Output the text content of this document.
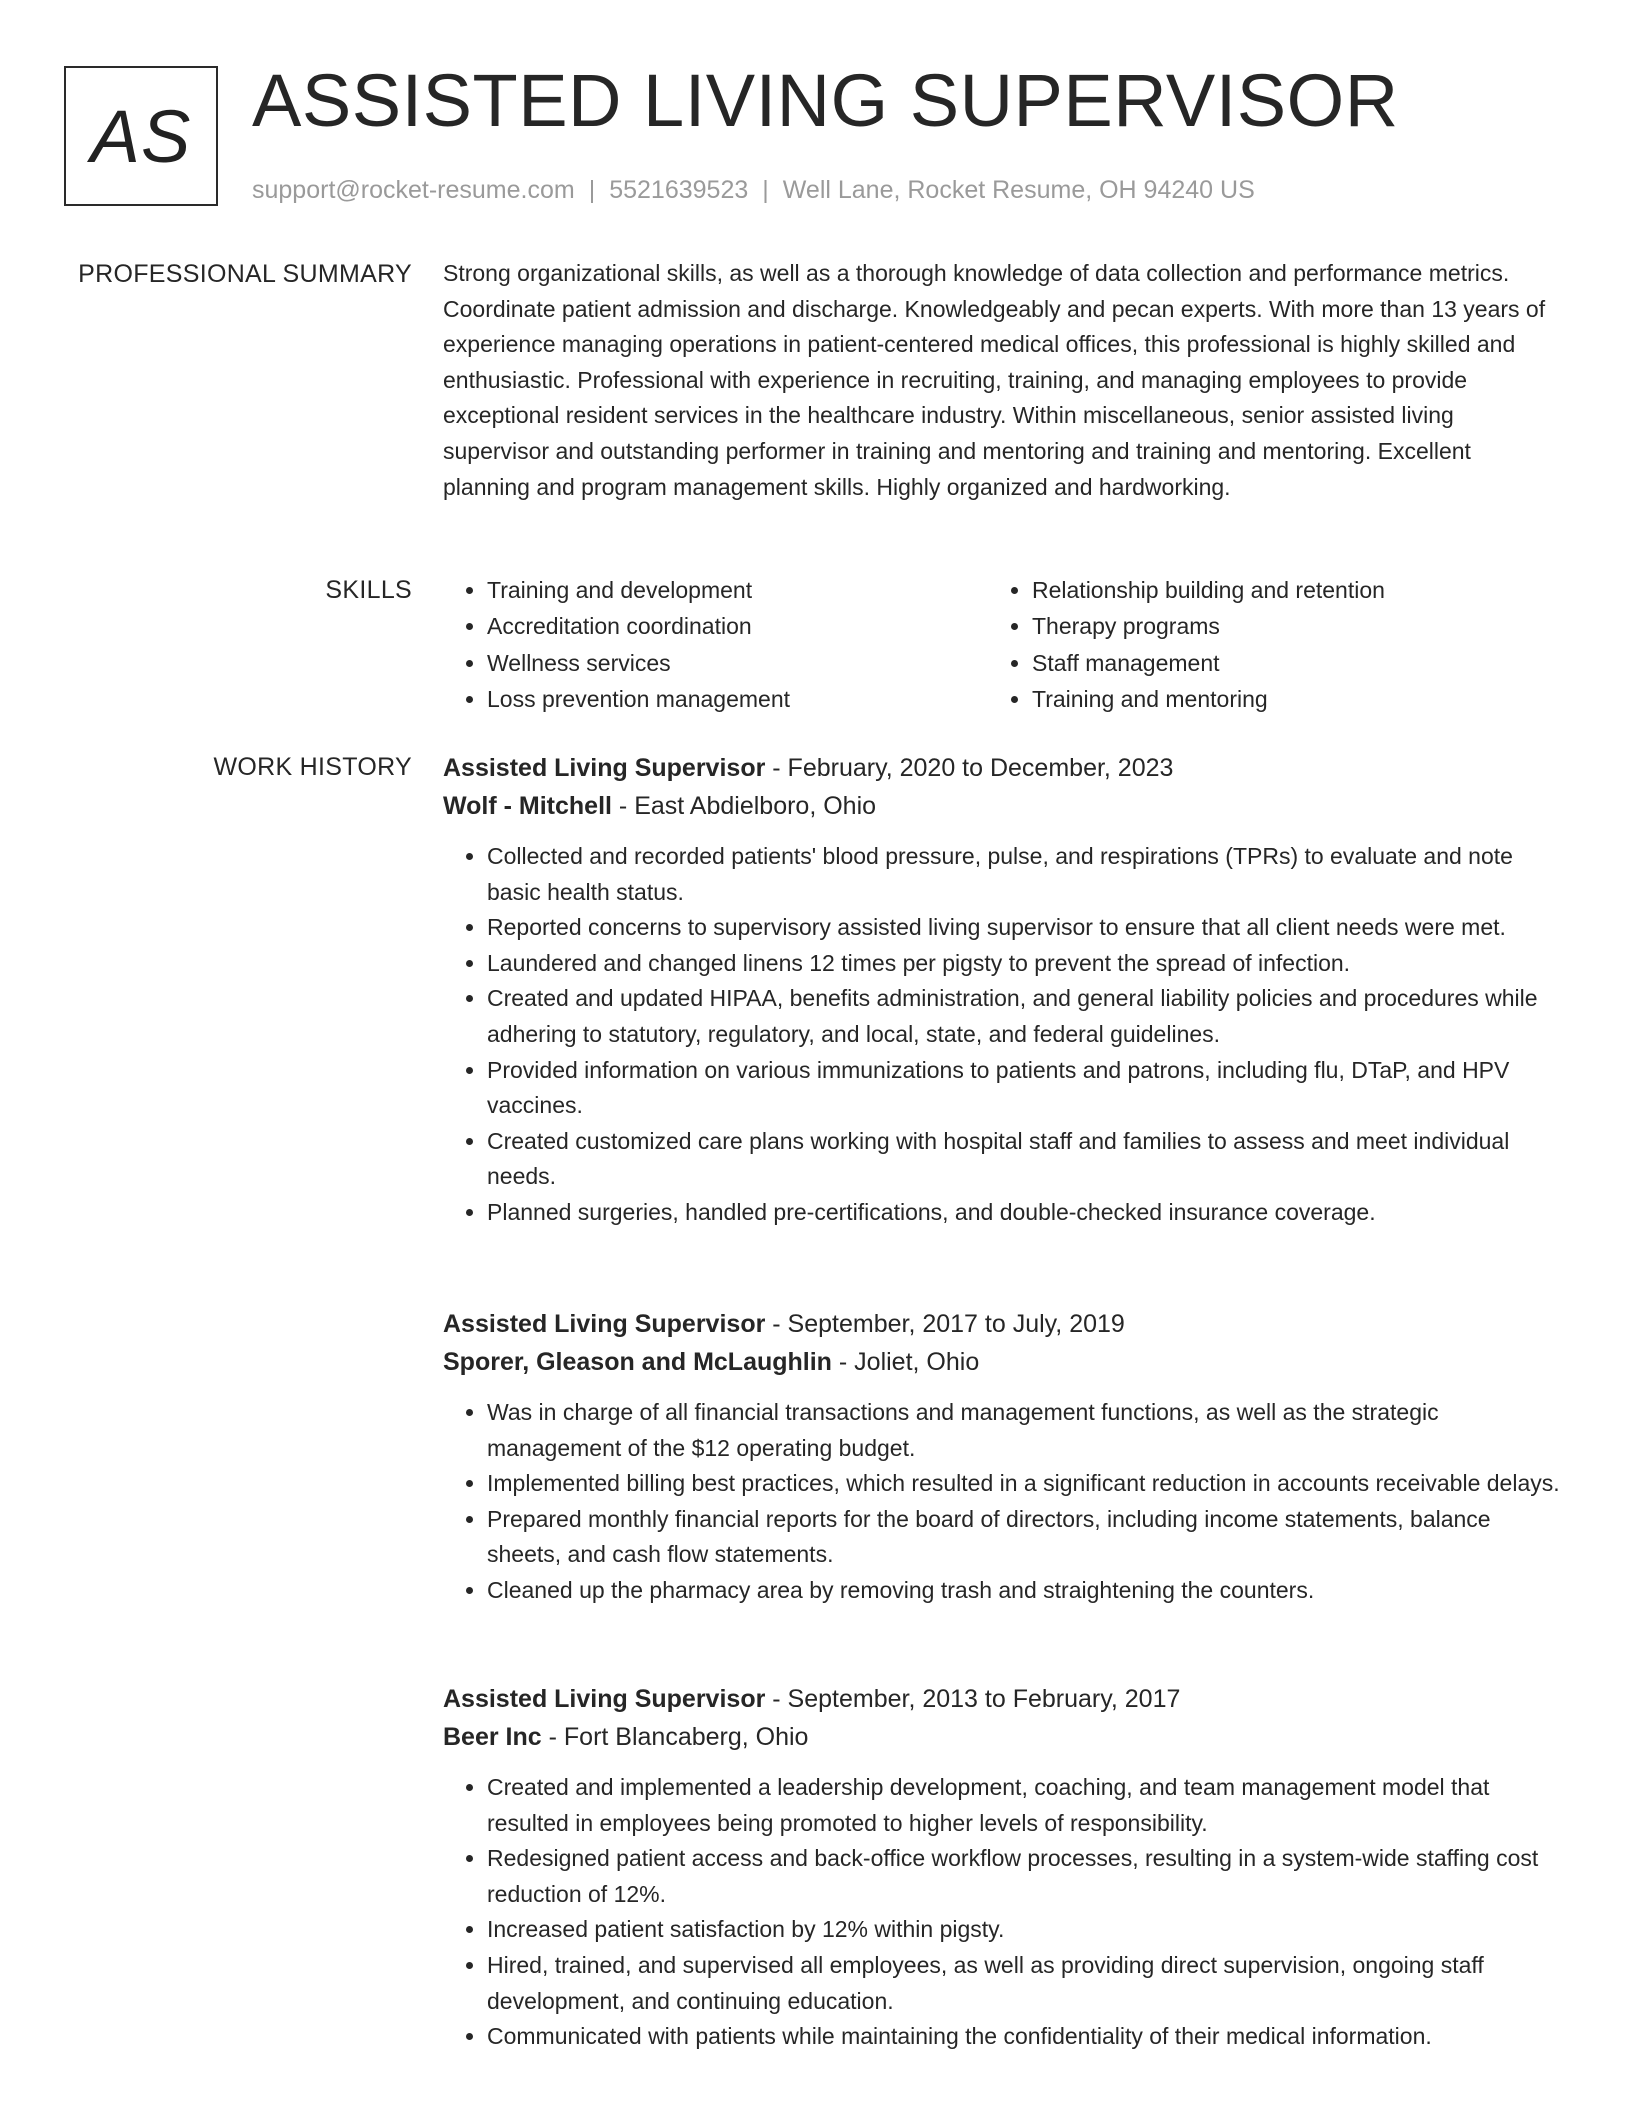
AS ASSISTED LIVING SUPERVISOR
support@rocket-resume.com | 5521639523 | Well Lane, Rocket Resume, OH 94240 US
PROFESSIONAL SUMMARY Strong organizational skills, as well as a thorough knowledge of data collection and performance metrics. Coordinate patient admission and discharge. Knowledgeably and pecan experts. With more than 13 years of experience managing operations in patient-centered medical offices, this professional is highly skilled and enthusiastic. Professional with experience in recruiting, training, and managing employees to provide exceptional resident services in the healthcare industry. Within miscellaneous, senior assisted living supervisor and outstanding performer in training and mentoring and training and mentoring. Excellent planning and program management skills. Highly organized and hardworking.

SKILLS
•	Training and development
• Accreditation coordination
• Wellness services
• Loss prevention management
• Relationship building and retention
• Therapy programs
• Staff management
• Training and mentoring
WORK HISTORY Assisted Living Supervisor - February, 2020 to December, 2023
Wolf - Mitchell - East Abdielboro, Ohio
• Collected and recorded patients' blood pressure, pulse, and respirations (TPRs) to evaluate and note basic health status.
• Reported concerns to supervisory assisted living supervisor to ensure that all client needs were met.
• Laundered and changed linens 12 times per pigsty to prevent the spread of infection.
• Created and updated HIPAA, benefits administration, and general liability policies and procedures while adhering to statutory, regulatory, and local, state, and federal guidelines.
• Provided information on various immunizations to patients and patrons, including flu, DTaP, and HPV vaccines.
• Created customized care plans working with hospital staff and families to assess and meet individual needs.
• Planned surgeries, handled pre-certifications, and double-checked insurance coverage.
Assisted Living Supervisor - September, 2017 to July, 2019
Sporer, Gleason and McLaughlin - Joliet, Ohio
• Was in charge of all financial transactions and management functions, as well as the strategic management of the $12 operating budget.
• Implemented billing best practices, which resulted in a significant reduction in accounts receivable delays.
• Prepared monthly financial reports for the board of directors, including income statements, balance sheets, and cash flow statements.
• Cleaned up the pharmacy area by removing trash and straightening the counters.
Assisted Living Supervisor - September, 2013 to February, 2017
Beer Inc - Fort Blancaberg, Ohio
• Created and implemented a leadership development, coaching, and team management model that resulted in employees being promoted to higher levels of responsibility.
• Redesigned patient access and back-office workflow processes, resulting in a system-wide staffing cost reduction of 12%.
• Increased patient satisfaction by 12% within pigsty.
• Hired, trained, and supervised all employees, as well as providing direct supervision, ongoing staff development, and continuing education.
• Communicated with patients while maintaining the confidentiality of their medical information.
